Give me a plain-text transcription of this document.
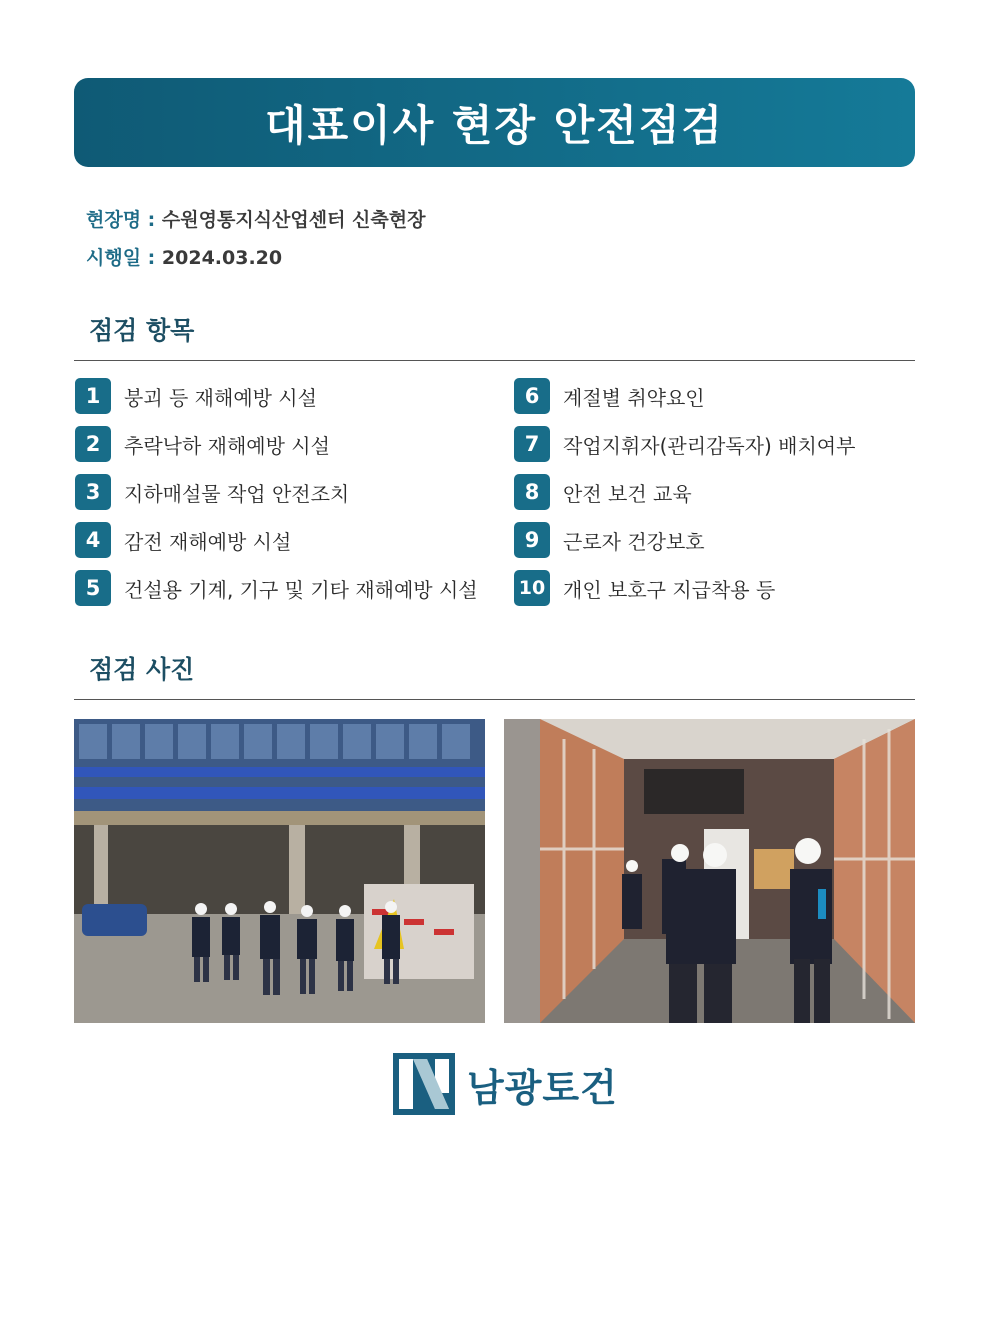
대표이사 현장 안전점검
현장명 : 수원영통지식산업센터 신축현장
시행일 : 2024.03.20
점검 항목
1	붕괴 등 재해예방 시설
2	추락낙하 재해예방 시설
3	지하매설물 작업 안전조치
4	감전 재해예방 시설
5	건설용 기계, 기구 및 기타 재해예방 시설
6	계절별 취약요인
7	작업지휘자(관리감독자) 배치여부
8	안전 보건 교육
9	근로자 건강보호
10 개인 보호구 지급착용 등
점검 사진
남광토건
